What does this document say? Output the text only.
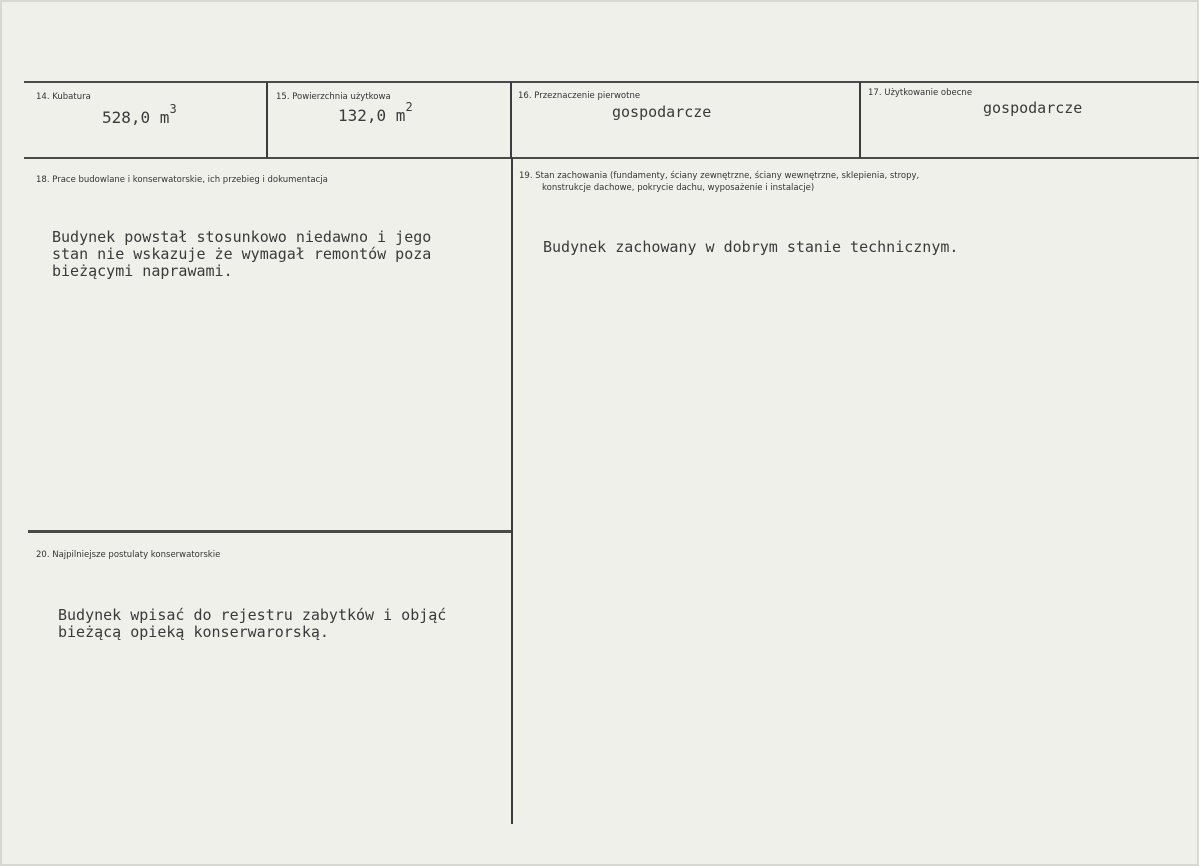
14. Kubatura
528,0 $m^3$
15. Powierzchnia użytkowa
132,0 $m^2$
16. Przeznaczenie pierwotne
gospodarcze
17. Użytkowanie obecne
gospodarcze
18. Prace budowlane i konserwatorskie, ich przebieg i dokumentacja
Budynek powstał stosunkowo niedawno i jego
stan nie wskazuje że wymagał remontów poza
bieżącymi naprawami.
19. Stan zachowania (fundamenty, ściany zewnętrzne, ściany wewnętrzne, sklepienia, stropy,
konstrukcje dachowe, pokrycie dachu, wyposażenie i instalacje)
Budynek zachowany w dobrym stanie technicznym.
20. Najpilniejsze postulaty konserwatorskie
Budynek wpisać do rejestru zabytków i objąć
bieżącą opieką konserwarorską.
